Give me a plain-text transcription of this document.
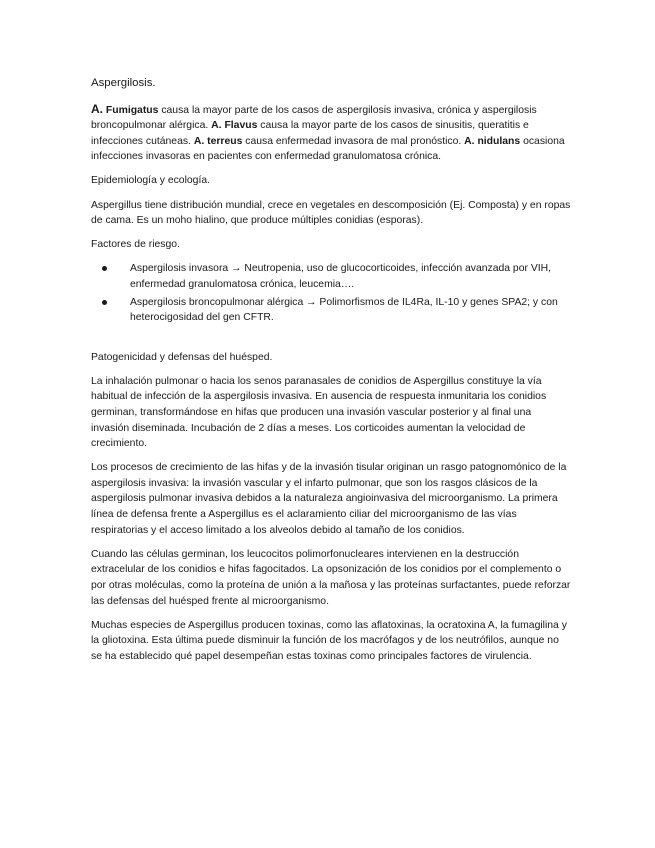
Aspergilosis.

A. Fumigatus causa la mayor parte de los casos de aspergilosis invasiva, crónica y aspergilosis broncopulmonar alérgica. A. Flavus causa la mayor parte de los casos de sinusitis, queratitis e infecciones cutáneas. A. terreus causa enfermedad invasora de mal pronóstico. A. nidulans ocasiona infecciones invasoras en pacientes con enfermedad granulomatosa crónica.

Epidemiología y ecología.

Aspergillus tiene distribución mundial, crece en vegetales en descomposición (Ej. Composta) y en ropas de cama. Es un moho hialino, que produce múltiples conidias (esporas).

Factores de riesgo.

Aspergilosis invasora → Neutropenia, uso de glucocorticoides, infección avanzada por VIH, enfermedad granulomatosa crónica, leucemia….
Aspergilosis broncopulmonar alérgica → Polimorfismos de IL4Ra, IL-10 y genes SPA2; y con heterocigosidad del gen CFTR.

Patogenicidad y defensas del huésped.

La inhalación pulmonar o hacia los senos paranasales de conidios de Aspergillus constituye la vía habitual de infección de la aspergilosis invasiva. En ausencia de respuesta inmunitaria los conidios germinan, transformándose en hifas que producen una invasión vascular posterior y al final una invasión diseminada. Incubación de 2 días a meses. Los corticoides aumentan la velocidad de crecimiento.

Los procesos de crecimiento de las hifas y de la invasión tisular originan un rasgo patognomónico de la aspergilosis invasiva: la invasión vascular y el infarto pulmonar, que son los rasgos clásicos de la aspergilosis pulmonar invasiva debidos a la naturaleza angioinvasiva del microorganismo. La primera línea de defensa frente a Aspergillus es el aclaramiento ciliar del microorganismo de las vías respiratorias y el acceso limitado a los alveolos debido al tamaño de los conidios.

Cuando las células germinan, los leucocitos polimorfonucleares intervienen en la destrucción extracelular de los conidios e hifas fagocitados. La opsonización de los conidios por el complemento o por otras moléculas, como la proteína de unión a la mañosa y las proteínas surfactantes, puede reforzar las defensas del huésped frente al microorganismo.

Muchas especies de Aspergillus producen toxinas, como las aflatoxinas, la ocratoxina A, la fumagilina y la gliotoxina. Esta última puede disminuir la función de los macrófagos y de los neutrófilos, aunque no se ha establecido qué papel desempeñan estas toxinas como principales factores de virulencia.
